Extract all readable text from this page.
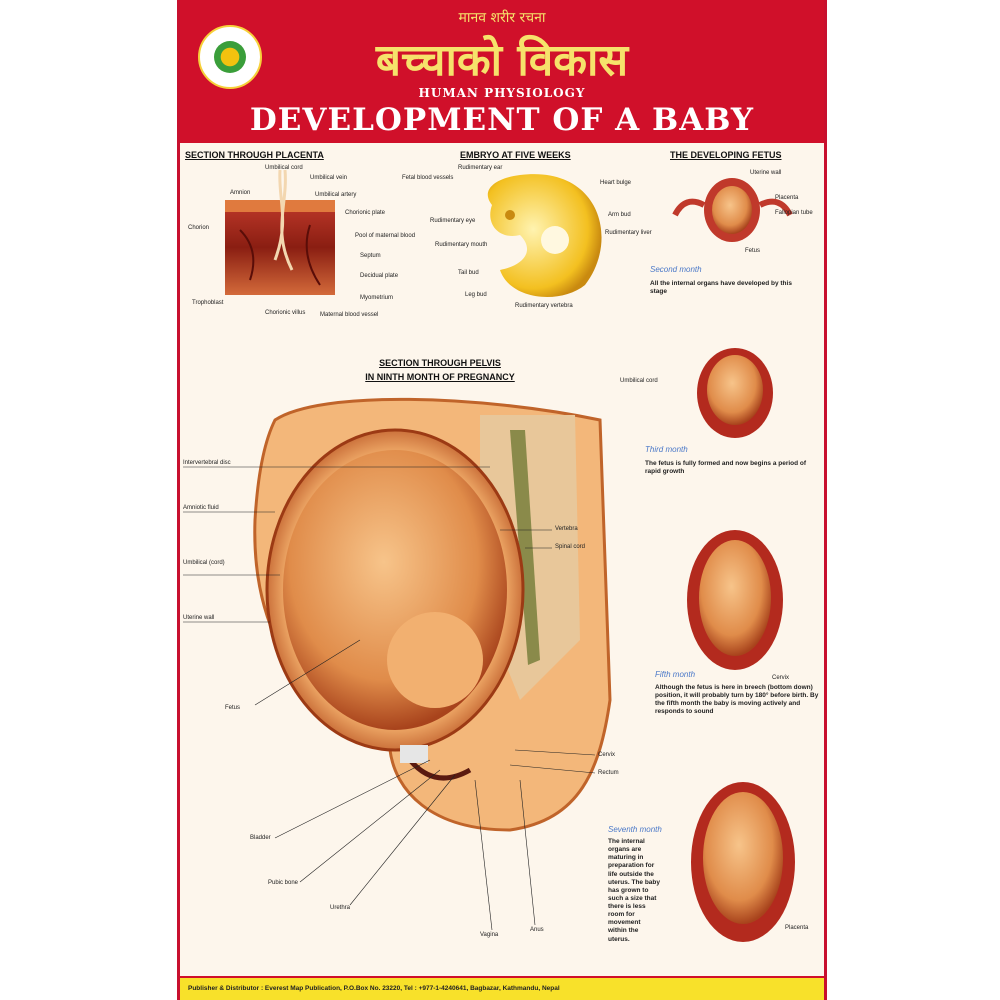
मानव शरीर रचना
बच्चाको विकास
HUMAN PHYSIOLOGY
DEVELOPMENT OF A BABY
SECTION THROUGH PLACENTA	EMBRYO AT FIVE WEEKS	THE DEVELOPING FETUS
SECTION THROUGH PELVIS
IN NINTH MONTH OF PREGNANCY
Umbilical cord
Umbilical vein
Umbilical artery
Fetal blood vessels
Amnion
Chorion
Chorionic plate
Pool of maternal blood
Septum
Decidual plate
Myometrium
Trophoblast
Chorionic villus Maternal blood vessel
Rudimentary ear
Heart bulge
Arm bud
Rudimentary liver
Rudimentary eye
Rudimentary mouth
Tail bud
Leg bud
Rudimentary vertebra
Uterine wall
Placenta
Fallopian tube
Fetus
Umbilical cord
Cervix
Placenta
Second month
All the internal organs have developed by this stage
Third month
The fetus is fully formed and now begins a period of rapid growth
Fifth month
Although the fetus is here in breech (bottom down) position, it will probably turn by 180° before birth. By the fifth month the baby is moving actively and responds to sound
Seventh month
The internal organs are maturing in preparation for life outside the uterus. The baby has grown to such a size that there is less room for movement within the uterus.
Intervertebral disc
Amniotic fluid
Umbilical (cord)
Uterine wall
Fetus
Vertebra
Spinal cord
Cervix
Rectum
Bladder
Pubic bone
Urethra
Vagina
Anus
Publisher & Distributor : Everest Map Publication, P.O.Box No. 23220, Tel : +977-1-4240641, Bagbazar, Kathmandu, Nepal
